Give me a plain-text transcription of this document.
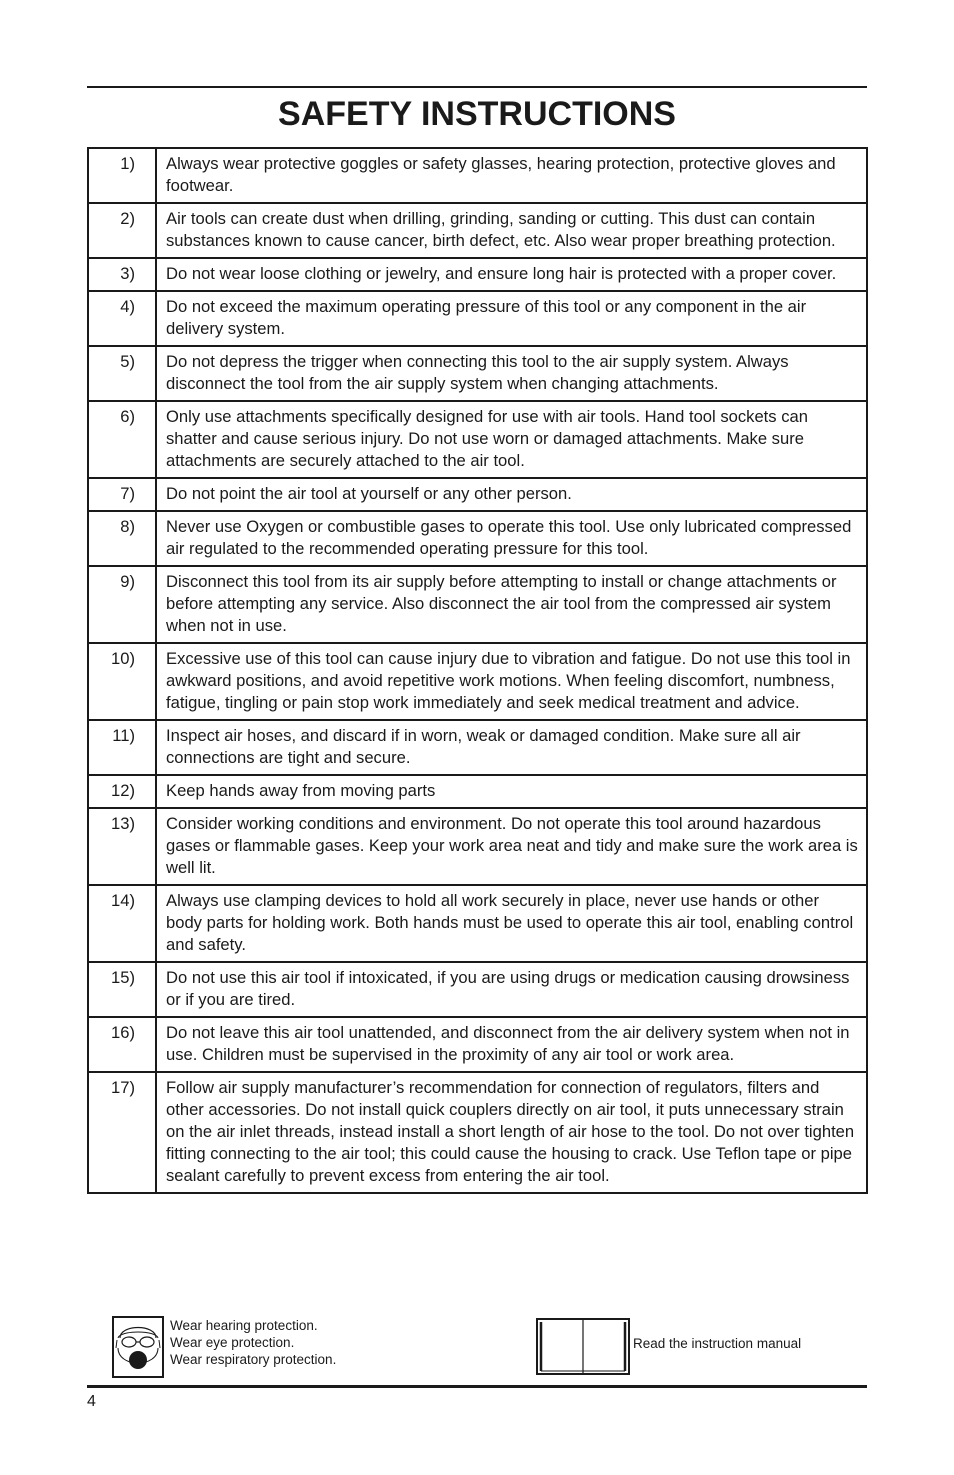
SAFETY INSTRUCTIONS
1)	Always wear protective goggles or safety glasses, hearing protection, protective gloves and footwear.
2)	Air tools can create dust when drilling, grinding, sanding or cutting. This dust can contain substances known to cause cancer, birth defect, etc. Also wear proper breathing protection.
3)	Do not wear loose clothing or jewelry, and ensure long hair is protected with a proper cover.
4)	Do not exceed the maximum operating pressure of this tool or any component in the air delivery system.
5)	Do not depress the trigger when connecting this tool to the air supply system. Always disconnect the tool from the air supply system when changing attachments.
6)	Only use attachments specifically designed for use with air tools. Hand tool sockets can shatter and cause serious injury. Do not use worn or damaged attachments. Make sure attachments are securely attached to the air tool.
7)	Do not point the air tool at yourself or any other person.
8)	Never use Oxygen or combustible gases to operate this tool. Use only lubricated compressed air regulated to the recommended operating pressure for this tool.
9)	Disconnect this tool from its air supply before attempting to install or change attachments or before attempting any service. Also disconnect the air tool from the compressed air system when not in use.
10)	Excessive use of this tool can cause injury due to vibration and fatigue. Do not use this tool in awkward positions, and avoid repetitive work motions. When feeling discomfort, numbness, fatigue, tingling or pain stop work immediately and seek medical treatment and advice.
11)	Inspect air hoses, and discard if in worn, weak or damaged condition. Make sure all air connections are tight and secure.
12)	Keep hands away from moving parts
13)	Consider working conditions and environment. Do not operate this tool around hazardous gases or flammable gases. Keep your work area neat and tidy and make sure the work area is well lit.
14)	Always use clamping devices to hold all work securely in place, never use hands or other body parts for holding work. Both hands must be used to operate this air tool, enabling control and safety.
15)	Do not use this air tool if intoxicated, if you are using drugs or medication causing drowsiness or if you are tired.
16)	Do not leave this air tool unattended, and disconnect from the air delivery system when not in use. Children must be supervised in the proximity of any air tool or work area.
17)	Follow air supply manufacturer’s recommendation for connection of regulators, filters and other accessories. Do not install quick couplers directly on air tool, it puts unnecessary strain on the air inlet threads, instead install a short length of air hose to the tool. Do not over tighten fitting connecting to the air tool; this could cause the housing to crack. Use Teflon tape or pipe sealant carefully to prevent excess from entering the air tool.
Wear hearing protection.
Wear eye protection.
Wear respiratory protection.
Read the instruction manual
4
